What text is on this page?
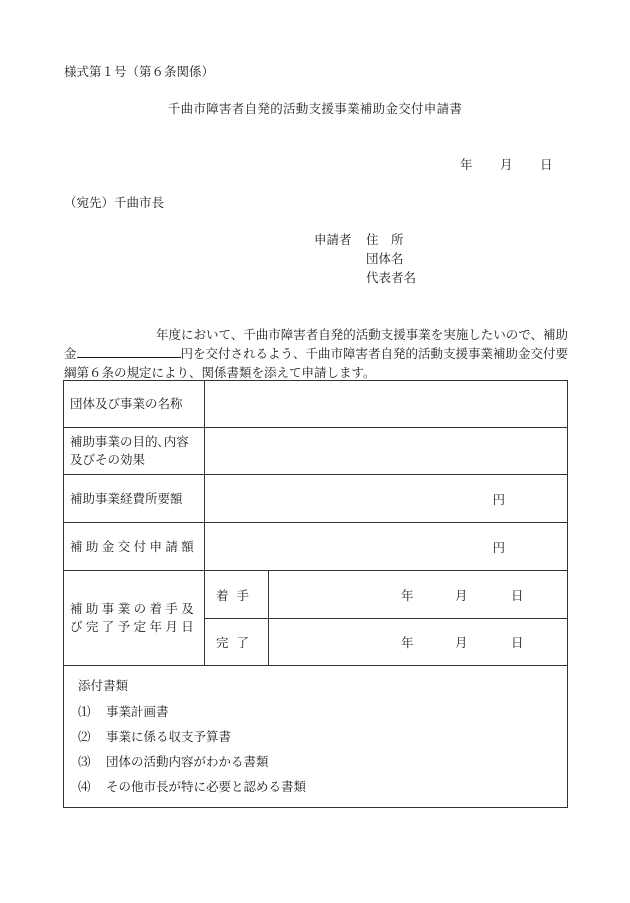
様式第１号（第６条関係）
千曲市障害者自発的活動支援事業補助金交付申請書
年 月 日
（宛先）千曲市長
申請者 住　所
団体名
代表者名
年度において、千曲市障害者自発的活動支援事業を実施したいので、補助金	円を交付されるよう、千曲市障害者自発的活動支援事業補助金交付要綱第６条の規定により、関係書類を添えて申請します。
団体及び事業の名称		
補助事業の目的､内容及びその効果		
補助事業経費所要額	円	
補助金交付申請額	円	
補助事業の着手及び完了予定年月日	着手	年 月 日
	完了	年 月 日

添付書類
⑴ 事業計画書
⑵ 事業に係る収支予算書
⑶ 団体の活動内容がわかる書類
⑷ その他市長が特に必要と認める書類		
